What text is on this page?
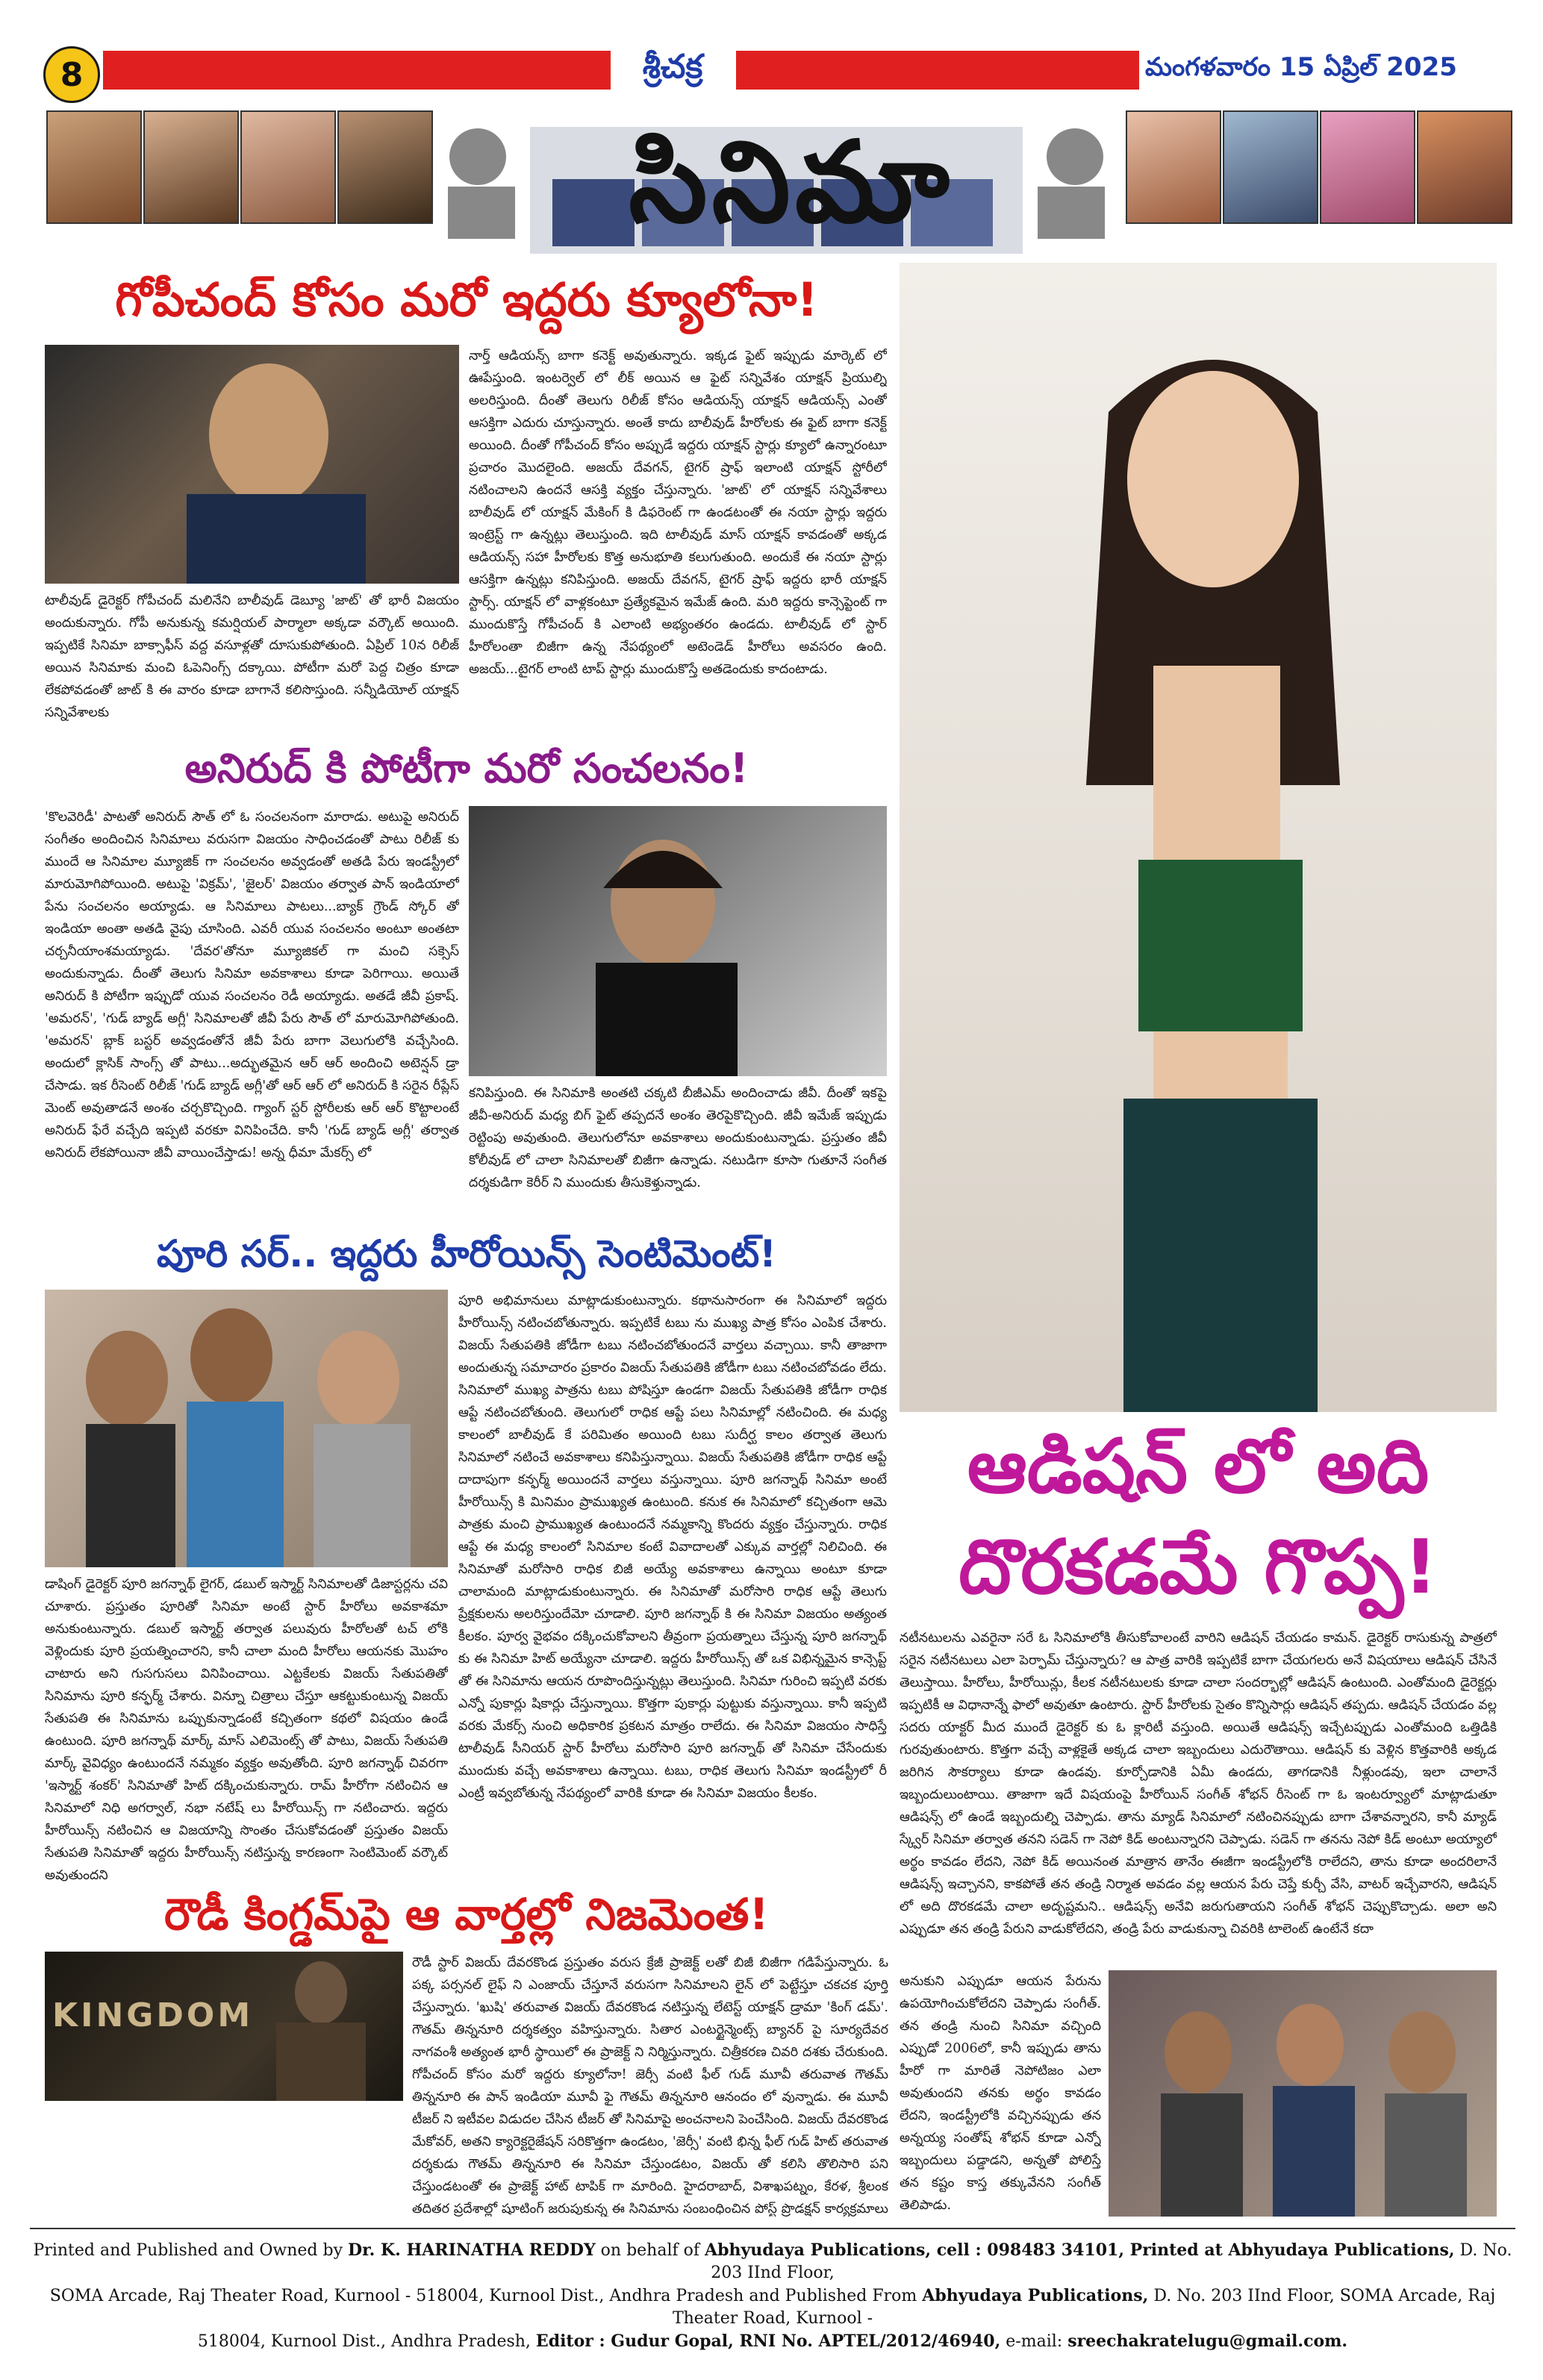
8	శ్రీచక్ర	మంగళవారం 15 ఏప్రిల్ 2025
సినిమా
గోపీచంద్ కోసం మరో ఇద్దరు క్యూలోనా!
టాలీవుడ్ డైరెక్టర్ గోపీచంద్ మలినేని బాలీవుడ్ డెబ్యూ 'జాట్' తో భారీ విజయం అందుకున్నారు. గోపీ అనుకున్న కమర్షియల్ పార్మాలా అక్కడా వర్కౌట్ అయింది. ఇప్పటికే సినిమా బాక్సాఫీస్ వద్ద వసూళ్లతో దూసుకుపోతుంది. ఏప్రిల్ 10న రిలీజ్ అయిన సినిమాకు మంచి ఓపెనింగ్స్ దక్కాయి. పోటీగా మరో పెద్ద చిత్రం కూడా లేకపోవడంతో జాట్ కి ఈ వారం కూడా బాగానే కలిసొస్తుంది. సన్నీడియోల్ యాక్షన్ సన్నివేశాలకు
నార్త్ ఆడియన్స్ బాగా కనెక్ట్ అవుతున్నారు. ఇక్కడ ఫైట్ ఇప్పుడు మార్కెట్ లో ఊపేస్తుంది. ఇంటర్వెల్ లో లీక్ అయిన ఆ ఫైట్ సన్నివేశం యాక్షన్ ప్రియుల్ని అలరిస్తుంది. దీంతో తెలుగు రిలీజ్ కోసం ఆడియన్స్ యాక్షన్ ఆడియన్స్ ఎంతో ఆసక్తిగా ఎదురు చూస్తున్నారు. అంతే కాదు బాలీవుడ్ హీరోలకు ఈ ఫైట్ బాగా కనెక్ట్ అయింది. దీంతో గోపీచంద్ కోసం అప్పుడే ఇద్దరు యాక్షన్ స్టార్లు క్యూలో ఉన్నారంటూ ప్రచారం మొదలైంది. అజయ్ దేవగన్, టైగర్ ష్రాఫ్ ఇలాంటి యాక్షన్ స్టోరీలో నటించాలని ఉందనే ఆసక్తి వ్యక్తం చేస్తున్నారు. 'జాట్' లో యాక్షన్ సన్నివేశాలు బాలీవుడ్ లో యాక్షన్ మేకింగ్ కి డిఫరెంట్ గా ఉండటంతో ఈ నయా స్టార్లు ఇద్దరు ఇంట్రెస్ట్ గా ఉన్నట్లు తెలుస్తుంది. ఇది టాలీవుడ్ మాస్ యాక్షన్ కావడంతో అక్కడ ఆడియన్స్ సహా హీరోలకు కొత్త అనుభూతి కలుగుతుంది. అందుకే ఈ నయా స్టార్లు ఆసక్తిగా ఉన్నట్లు కనిపిస్తుంది. అజయ్ దేవగన్, టైగర్ ష్రాఫ్ ఇద్దరు భారీ యాక్షన్ స్టార్స్. యాక్షన్ లో వాళ్లకంటూ ప్రత్యేకమైన ఇమేజ్ ఉంది. మరి ఇద్దరు కాన్సెప్టెంట్ గా ముందుకొస్తే గోపీచంద్ కి ఎలాంటి అభ్యంతరం ఉండదు. టాలీవుడ్ లో స్టార్ హీరోలంతా బిజీగా ఉన్న నేపథ్యంలో అటెండెడ్ హీరోలు అవసరం ఉంది. అజయ్...టైగర్ లాంటి టాప్ స్టార్లు ముందుకొస్తే అతడెందుకు కాదంటాడు.
అనిరుద్ కి పోటీగా మరో సంచలనం!
'కొలవెరిడీ' పాటతో అనిరుద్ సౌత్ లో ఓ సంచలనంగా మారాడు. అటుపై అనిరుద్ సంగీతం అందించిన సినిమాలు వరుసగా విజయం సాధించడంతో పాటు రిలీజ్ కు ముందే ఆ సినిమాల మ్యూజిక్ గా సంచలనం అవ్వడంతో అతడి పేరు ఇండస్ట్రీలో మారుమోగిపోయింది. అటుపై 'విక్రమ్', 'జైలర్' విజయం తర్వాత పాన్ ఇండియాలో పేను సంచలనం అయ్యాడు. ఆ సినిమాలు పాటలు...బ్యాక్ గ్రౌండ్ స్కోర్ తో ఇండియా అంతా అతడి వైపు చూసింది. ఎవరీ యువ సంచలనం అంటూ అంతటా చర్చనీయాంశమయ్యాడు. 'దేవర'తోనూ మ్యూజికల్ గా మంచి సక్సెస్ అందుకున్నాడు. దీంతో తెలుగు సినిమా అవకాశాలు కూడా పెరిగాయి. అయితే అనిరుద్ కి పోటీగా ఇప్పుడో యువ సంచలనం రెడీ అయ్యాడు. అతడే జీవీ ప్రకాష్. 'అమరన్', 'గుడ్ బ్యాడ్ అగ్లీ' సినిమాలతో జీవీ పేరు సౌత్ లో మారుమోగిపోతుంది. 'అమరన్' బ్లాక్ బస్టర్ అవ్వడంతోనే జీవీ పేరు బాగా వెలుగులోకి వచ్చేసింది. అందులో క్లాసిక్ సాంగ్స్ తో పాటు...అద్భుతమైన ఆర్ ఆర్ అందించి అటెన్షన్ డ్రా చేసాడు. ఇక రీసెంట్ రిలీజ్ 'గుడ్ బ్యాడ్ అగ్లీ'తో ఆర్ ఆర్ లో అనిరుద్ కి సరైన రీప్లేస్ మెంట్ అవుతాడనే అంశం చర్చకొచ్చింది. గ్యాంగ్ స్టర్ స్టోరీలకు ఆర్ ఆర్ కొట్టాలంటే అనిరుద్ ఫేరే వచ్చేది ఇప్పటి వరకూ వినిపించేది. కానీ 'గుడ్ బ్యాడ్ అగ్లీ' తర్వాత అనిరుద్ లేకపోయినా జీవీ వాయించేస్తాడు! అన్న ధీమా మేకర్స్ లో
కనిపిస్తుంది. ఈ సినిమాకి అంతటి చక్కటి బీజీఎమ్ అందించాడు జీవీ. దీంతో ఇకపై జీవీ-అనిరుద్ మధ్య బిగ్ ఫైట్ తప్పదనే అంశం తెరపైకొచ్చింది. జీవీ ఇమేజ్ ఇప్పుడు రెట్టింపు అవుతుంది. తెలుగులోనూ అవకాశాలు అందుకుంటున్నాడు. ప్రస్తుతం జీవీ కోలీవుడ్ లో చాలా సినిమాలతో బిజీగా ఉన్నాడు. నటుడిగా కూసా గుతూనే సంగీత దర్శకుడిగా కెరీర్ ని ముందుకు తీసుకెళ్తున్నాడు.
పూరి సర్.. ఇద్దరు హీరోయిన్స్ సెంటిమెంట్!
డాషింగ్ డైరెక్టర్ పూరి జగన్నాథ్ లైగర్, డబుల్ ఇస్మార్ట్ సినిమాలతో డిజాస్టర్లను చవి చూశారు. ప్రస్తుతం పూరితో సినిమా అంటే స్టార్ హీరోలు అవకాశమా అనుకుంటున్నారు. డబుల్ ఇస్మార్ట్ తర్వాత పలువురు హీరోలతో టచ్ లోకి వెళ్లిందుకు పూరి ప్రయత్నించారని, కానీ చాలా మంది హీరోలు ఆయనకు మొహం చాటారు అని గుసగుసలు వినిపించాయి. ఎట్టకేలకు విజయ్ సేతుపతితో సినిమాను పూరి కన్ఫర్మ్ చేశారు. విన్నూ చిత్రాలు చేస్తూ ఆకట్టుకుంటున్న విజయ్ సేతుపతి ఈ సినిమాను ఒప్పుకున్నాడంటే కచ్చితంగా కథలో విషయం ఉండే ఉంటుంది. పూరి జగన్నాథ్ మార్క్ మాస్ ఎలిమెంట్స్ తో పాటు, విజయ్ సేతుపతి మార్క్ వైవిధ్యం ఉంటుందనే నమ్మకం వ్యక్తం అవుతోంది. పూరి జగన్నాథ్ చివరగా 'ఇస్మార్ట్ శంకర్' సినిమాతో హిట్ దక్కించుకున్నారు. రామ్ హీరోగా నటించిన ఆ సినిమాలో నిధి అగర్వాల్, నభా నటేష్ లు హీరోయిన్స్ గా నటించారు. ఇద్దరు హీరోయిన్స్ నటించిన ఆ విజయాన్ని సొంతం చేసుకోవడంతో ప్రస్తుతం విజయ్ సేతుపతి సినిమాతో ఇద్దరు హీరోయిన్స్ నటిస్తున్న కారణంగా సెంటిమెంట్ వర్కౌట్ అవుతుందని
పూరి అభిమానులు మాట్లాడుకుంటున్నారు. కథానుసారంగా ఈ సినిమాలో ఇద్దరు హీరోయిన్స్ నటించబోతున్నారు. ఇప్పటికే టబు ను ముఖ్య పాత్ర కోసం ఎంపిక చేశారు. విజయ్ సేతుపతికి జోడీగా టబు నటించబోతుందనే వార్తలు వచ్చాయి. కానీ తాజాగా అందుతున్న సమాచారం ప్రకారం విజయ్ సేతుపతికి జోడీగా టబు నటించబోవడం లేదు. సినిమాలో ముఖ్య పాత్రను టబు పోషిస్తూ ఉండగా విజయ్ సేతుపతికి జోడీగా రాధిక ఆప్టే నటించబోతుంది. తెలుగులో రాధిక ఆప్టే పలు సినిమాల్లో నటించింది. ఈ మధ్య కాలంలో బాలీవుడ్ కే పరిమితం అయింది టబు సుదీర్ఘ కాలం తర్వాత తెలుగు సినిమాలో నటించే అవకాశాలు కనిపిస్తున్నాయి. విజయ్ సేతుపతికి జోడీగా రాధిక ఆప్టే దాదాపుగా కన్ఫర్మ్ అయిందనే వార్తలు వస్తున్నాయి. పూరి జగన్నాథ్ సినిమా అంటే హీరోయిన్స్ కి మినిమం ప్రాముఖ్యత ఉంటుంది. కనుక ఈ సినిమాలో కచ్చితంగా ఆమె పాత్రకు మంచి ప్రాముఖ్యత ఉంటుందనే నమ్మకాన్ని కొందరు వ్యక్తం చేస్తున్నారు. రాధిక ఆప్టే ఈ మధ్య కాలంలో సినిమాల కంటే వివాదాలతో ఎక్కువ వార్తల్లో నిలిచింది. ఈ సినిమాతో మరోసారి రాధిక బిజీ అయ్యే అవకాశాలు ఉన్నాయి అంటూ కూడా చాలామంది మాట్లాడుకుంటున్నారు. ఈ సినిమాతో మరోసారి రాధిక ఆప్టే తెలుగు ప్రేక్షకులను అలరిస్తుందేమో చూడాలి. పూరి జగన్నాథ్ కి ఈ సినిమా విజయం అత్యంత కీలకం. పూర్వ వైభవం దక్కించుకోవాలని తీవ్రంగా ప్రయత్నాలు చేస్తున్న పూరి జగన్నాథ్ కు ఈ సినిమా హిట్ అయ్యేనా చూడాలి. ఇద్దరు హీరోయిన్స్ తో ఒక విభిన్నమైన కాన్సెప్ట్ తో ఈ సినిమాను ఆయన రూపొందిస్తున్నట్లు తెలుస్తుంది. సినిమా గురించి ఇప్పటి వరకు ఎన్నో పుకార్లు షికార్లు చేస్తున్నాయి. కొత్తగా పుకార్లు పుట్టుకు వస్తున్నాయి. కానీ ఇప్పటి వరకు మేకర్స్ నుంచి అధికారిక ప్రకటన మాత్రం రాలేదు. ఈ సినిమా విజయం సాధిస్తే టాలీవుడ్ సీనియర్ స్టార్ హీరోలు మరోసారి పూరి జగన్నాథ్ తో సినిమా చేసేందుకు ముందుకు వచ్చే అవకాశాలు ఉన్నాయి. టబు, రాధిక తెలుగు సినిమా ఇండస్ట్రీలో రీ ఎంట్రీ ఇవ్వబోతున్న నేపథ్యంలో వారికి కూడా ఈ సినిమా విజయం కీలకం.
ఆడిషన్ లో అది
దొరకడమే గొప్ప!
నటీనటులను ఎవరైనా సరే ఓ సినిమాలోకి తీసుకోవాలంటే వారిని ఆడిషన్ చేయడం కామన్. డైరెక్టర్ రాసుకున్న పాత్రలో సరైన నటీనటులు ఎలా పెర్ఫామ్ చేస్తున్నారు? ఆ పాత్ర వారికి ఇప్పటికే బాగా చేయగలరు అనే విషయాలు ఆడిషన్ చేసినే తెలుస్తాయి. హీరోలు, హీరోయిన్లు, కీలక నటీనటులకు కూడా చాలా సందర్భాల్లో ఆడిషన్ ఉంటుంది. ఎంతోమంది డైరెక్టర్లు ఇప్పటికీ ఆ విధానాన్నే ఫాలో అవుతూ ఉంటారు. స్టార్ హీరోలకు సైతం కొన్నిసార్లు ఆడిషన్ తప్పదు. ఆడిషన్ చేయడం వల్ల సదరు యాక్టర్ మీద ముందే డైరెక్టర్ కు ఓ క్లారిటీ వస్తుంది. అయితే ఆడిషన్స్ ఇచ్చేటప్పుడు ఎంతోమంది ఒత్తిడికి గురవుతుంటారు. కొత్తగా వచ్చే వాళ్లకైతే అక్కడ చాలా ఇబ్బందులు ఎదురౌతాయి. ఆడిషన్ కు వెళ్లిన కొత్తవారికి అక్కడ జరిగిన సౌకర్యాలు కూడా ఉండవు. కూర్చోడానికి ఏమీ ఉండదు, తాగడానికి నీళ్లుండవు, ఇలా చాలానే ఇబ్బందులుంటాయి. తాజాగా ఇదే విషయంపై హీరోయిన్ సంగీత్ శోభన్ రీసెంట్ గా ఓ ఇంటర్వ్యూలో మాట్లాడుతూ ఆడిషన్స్ లో ఉండే ఇబ్బందుల్ని చెప్పాడు. తాను మ్యాడ్ సినిమాలో నటించినప్పుడు బాగా చేశావన్నారని, కానీ మ్యాడ్ స్క్వేర్ సినిమా తర్వాత తనని సడెన్ గా నెపో కిడ్ అంటున్నారని చెప్పాడు. సడెన్ గా తనను నెపో కిడ్ అంటూ అయ్యాలో అర్థం కావడం లేదని, నెపో కిడ్ అయినంత మాత్రాన తానేం ఈజీగా ఇండస్ట్రీలోకి రాలేదని, తాను కూడా అందరిలానే ఆడిషన్స్ ఇచ్చానని, కాకపోతే తన తండ్రి నిర్మాత అవడం వల్ల ఆయన పేరు చెప్తే కుర్చీ వేసి, వాటర్ ఇచ్చేవారని, ఆడిషన్ లో అది దొరకడమే చాలా అదృష్టమని.. ఆడిషన్స్ అనేవి జరుగుతాయని సంగీత్ శోభన్ చెప్పుకొచ్చాడు. అలా అని ఎప్పుడూ తన తండ్రి పేరుని వాడుకోలేదని, తండ్రి పేరు వాడుకున్నా చివరికి టాలెంట్ ఉంటేనే కదా
అనుకుని ఎప్పుడూ ఆయన పేరును ఉపయోగించుకోలేదని చెప్పాడు సంగీత్. తన తండ్రి నుంచి సినిమా వచ్చింది ఎప్పుడో 2006లో, కానీ ఇప్పుడు తాను హీరో గా మారితే నెపోటిజం ఎలా అవుతుందని తనకు అర్థం కావడం లేదని, ఇండస్ట్రీలోకి వచ్చినప్పుడు తన అన్నయ్య సంతోష్ శోభన్ కూడా ఎన్నో ఇబ్బందులు పడ్డాడని, అన్నతో పోలిస్తే తన కష్టం కాస్త తక్కువేనని సంగీత్ తెలిపాడు.
రౌడీ కింగ్డమ్‌పై ఆ వార్తల్లో నిజమెంత!
KINGDOM
రౌడీ స్టార్ విజయ్ దేవరకొండ ప్రస్తుతం వరుస క్రేజీ ప్రాజెక్ట్ లతో బిజీ బిజీగా గడిపేస్తున్నారు. ఓ పక్క పర్సనల్ లైఫ్ ని ఎంజాయ్ చేస్తూనే వరుసగా సినిమాలని లైన్ లో పెట్టేస్తూ చకచక పూర్తి చేస్తున్నారు. 'ఖుషి' తరువాత విజయ్ దేవరకొండ నటిస్తున్న లేటెస్ట్ యాక్షన్ డ్రామా 'కింగ్ డమ్'. గౌతమ్ తిన్ననూరి దర్శకత్వం వహిస్తున్నారు. సితార ఎంటర్టైన్మెంట్స్ బ్యానర్ పై సూర్యదేవర నాగవంశీ అత్యంత భారీ స్థాయిలో ఈ ప్రాజెక్ట్ ని నిర్మిస్తున్నారు. చిత్రీకరణ చివరి దశకు చేరుకుంది. గోపీచంద్ కోసం మరో ఇద్దరు క్యూలోనా! జెర్సీ వంటి ఫీల్ గుడ్ మూవీ తరువాత గౌతమ్ తిన్ననూరి ఈ పాన్ ఇండియా మూవీ ఫై గౌతమ్ తిన్ననూరి ఆనందం లో వున్నాడు. ఈ మూవీ టీజర్ ని ఇటీవల విడుదల చేసిన టీజర్ తో సినిమాపై అంచనాలని పెంచేసింది. విజయ్ దేవరకొండ మేకోవర్, అతని క్యారెక్టరైజేషన్ సరికొత్తగా ఉండటం, 'జెర్సీ' వంటి భిన్న ఫీల్ గుడ్ హిట్ తరువాత దర్శకుడు గౌతమ్ తిన్ననూరి ఈ సినిమా చేస్తుండటం, విజయ్ తో కలిసి తొలిసారి పని చేస్తుండటంతో ఈ ప్రాజెక్ట్ హాట్ టాపిక్ గా మారింది. హైదరాబాద్, విశాఖపట్నం, కేరళ, శ్రీలంక తదితర ప్రదేశాల్లో షూటింగ్ జరుపుకున్న ఈ సినిమాను సంబంధించిన పోస్ట్ ప్రొడక్షన్ కార్యక్రమాలు
Printed and Published and Owned by Dr. K. HARINATHA REDDY on behalf of Abhyudaya Publications, cell : 098483 34101, Printed at Abhyudaya Publications, D. No. 203 IInd Floor,
SOMA Arcade, Raj Theater Road, Kurnool - 518004, Kurnool Dist., Andhra Pradesh and Published From Abhyudaya Publications, D. No. 203 IInd Floor, SOMA Arcade, Raj Theater Road, Kurnool -
518004, Kurnool Dist., Andhra Pradesh, Editor : Gudur Gopal, RNI No. APTEL/2012/46940, e-mail: sreechakratelugu@gmail.com.
